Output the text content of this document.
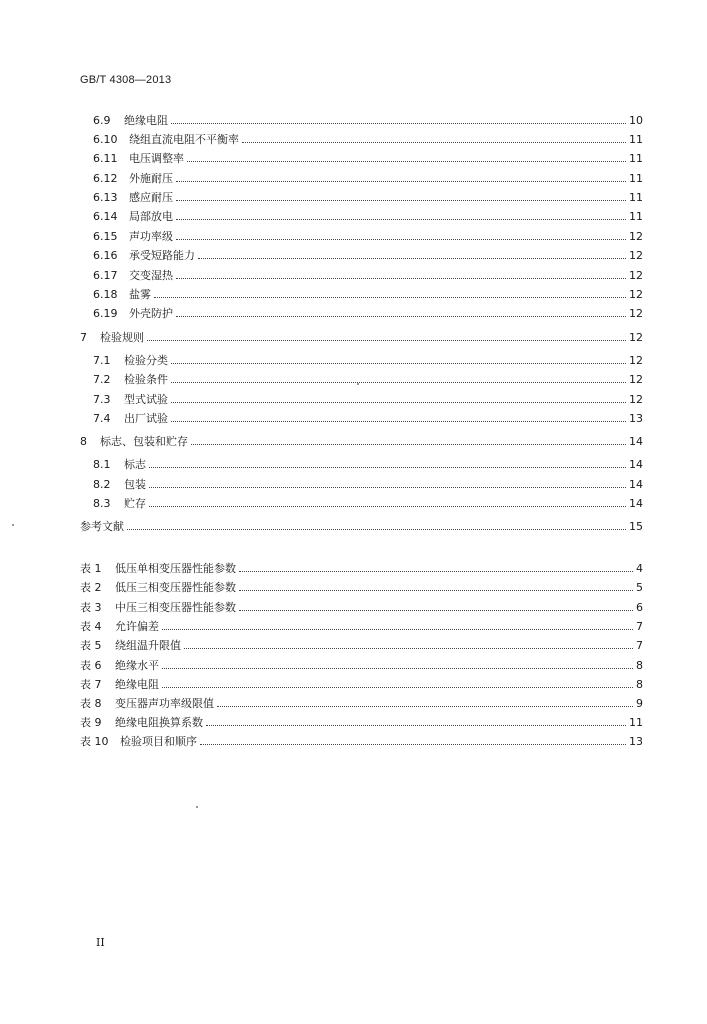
GB/T 4308—2013
6.9	绝缘电阻	10
6.10	绕组直流电阻不平衡率	11
6.11	电压调整率	11
6.12	外施耐压	11
6.13	感应耐压	11
6.14	局部放电	11
6.15	声功率级	12
6.16	承受短路能力	12
6.17	交变湿热	12
6.18	盐雾	12
6.19	外壳防护	12
7	检验规则	12
7.1	检验分类	12
7.2	检验条件	12
7.3	型式试验	12
7.4	出厂试验	13
8	标志、包装和贮存	14
8.1	标志	14
8.2	包装	14
8.3	贮存	14
参考文献	15
表 1	低压单相变压器性能参数	4
表 2	低压三相变压器性能参数	5
表 3	中压三相变压器性能参数	6
表 4	允许偏差	7
表 5	绕组温升限值	7
表 6	绝缘水平	8
表 7	绝缘电阻	8
表 8	变压器声功率级限值	9
表 9	绝缘电阻换算系数	11
表 10	检验项目和顺序	13
II
